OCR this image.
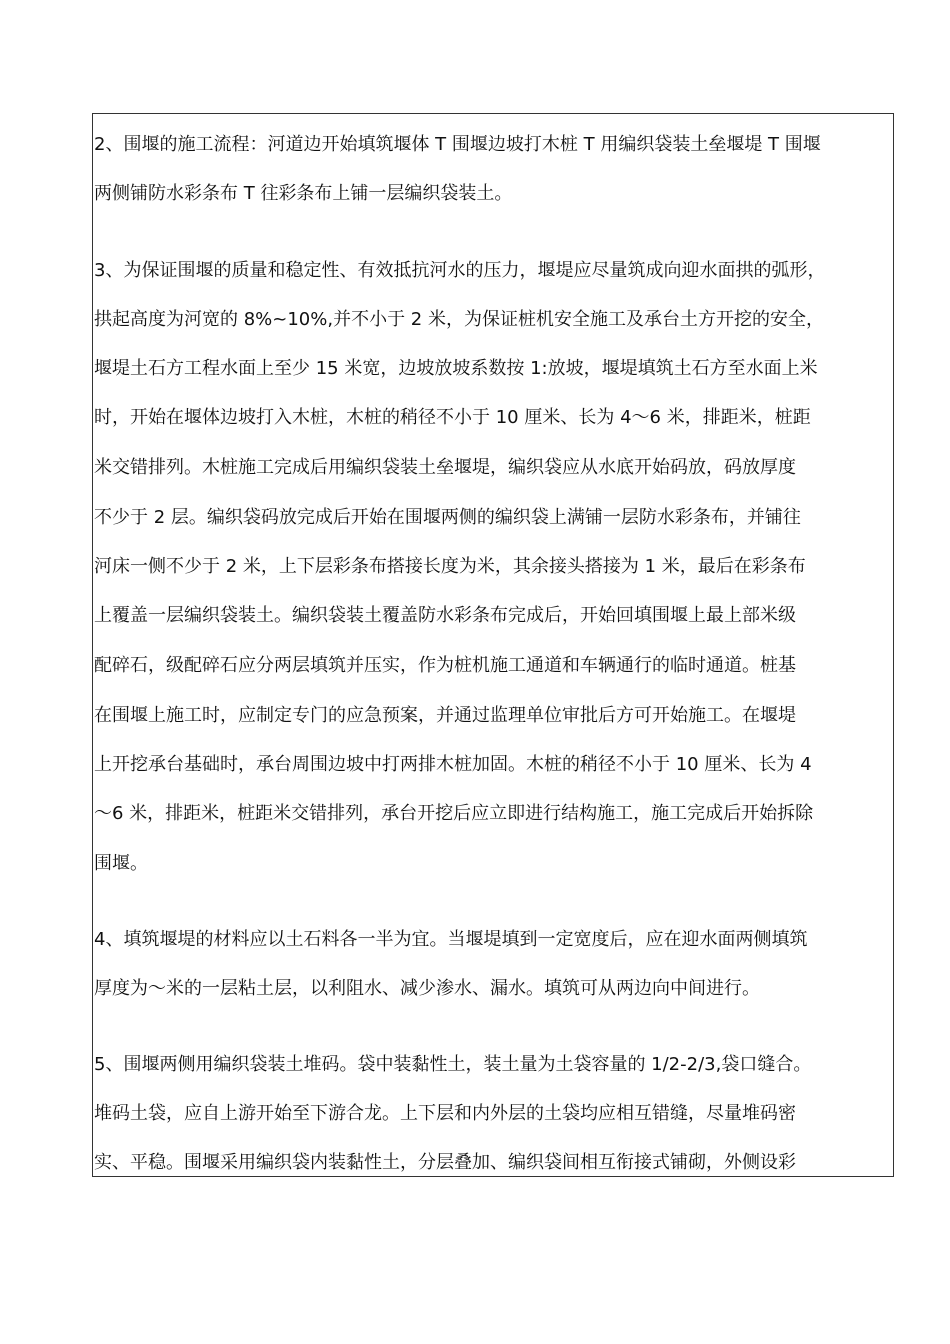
2、围堰的施工流程：河道边开始填筑堰体 T 围堰边坡打木桩 T 用编织袋装土垒堰堤 T 围堰
两侧铺防水彩条布 T 往彩条布上铺一层编织袋装土。
3、为保证围堰的质量和稳定性、有效抵抗河水的压力，堰堤应尽量筑成向迎水面拱的弧形，
拱起高度为河宽的 8%~10%,并不小于 2 米，为保证桩机安全施工及承台土方开挖的安全，
堰堤土石方工程水面上至少 15 米宽，边坡放坡系数按 1:放坡，堰堤填筑土石方至水面上米
时，开始在堰体边坡打入木桩，木桩的稍径不小于 10 厘米、长为 4〜6 米，排距米，桩距
米交错排列。木桩施工完成后用编织袋装土垒堰堤，编织袋应从水底开始码放，码放厚度
不少于 2 层。编织袋码放完成后开始在围堰两侧的编织袋上满铺一层防水彩条布，并铺往
河床一侧不少于 2 米，上下层彩条布搭接长度为米，其余接头搭接为 1 米，最后在彩条布
上覆盖一层编织袋装土。编织袋装土覆盖防水彩条布完成后，开始回填围堰上最上部米级
配碎石，级配碎石应分两层填筑并压实，作为桩机施工通道和车辆通行的临时通道。桩基
在围堰上施工时，应制定专门的应急预案，并通过监理单位审批后方可开始施工。在堰堤
上开挖承台基础时，承台周围边坡中打两排木桩加固。木桩的稍径不小于 10 厘米、长为 4
〜6 米，排距米，桩距米交错排列，承台开挖后应立即进行结构施工，施工完成后开始拆除
围堰。
4、填筑堰堤的材料应以土石料各一半为宜。当堰堤填到一定宽度后，应在迎水面两侧填筑
厚度为〜米的一层粘土层，以利阻水、减少渗水、漏水。填筑可从两边向中间进行。
5、围堰两侧用编织袋装土堆码。袋中装黏性土，装土量为土袋容量的 1/2-2/3,袋口缝合。
堆码土袋，应自上游开始至下游合龙。上下层和内外层的土袋均应相互错缝，尽量堆码密
实、平稳。围堰采用编织袋内装黏性土，分层叠加、编织袋间相互衔接式铺砌，外侧设彩
